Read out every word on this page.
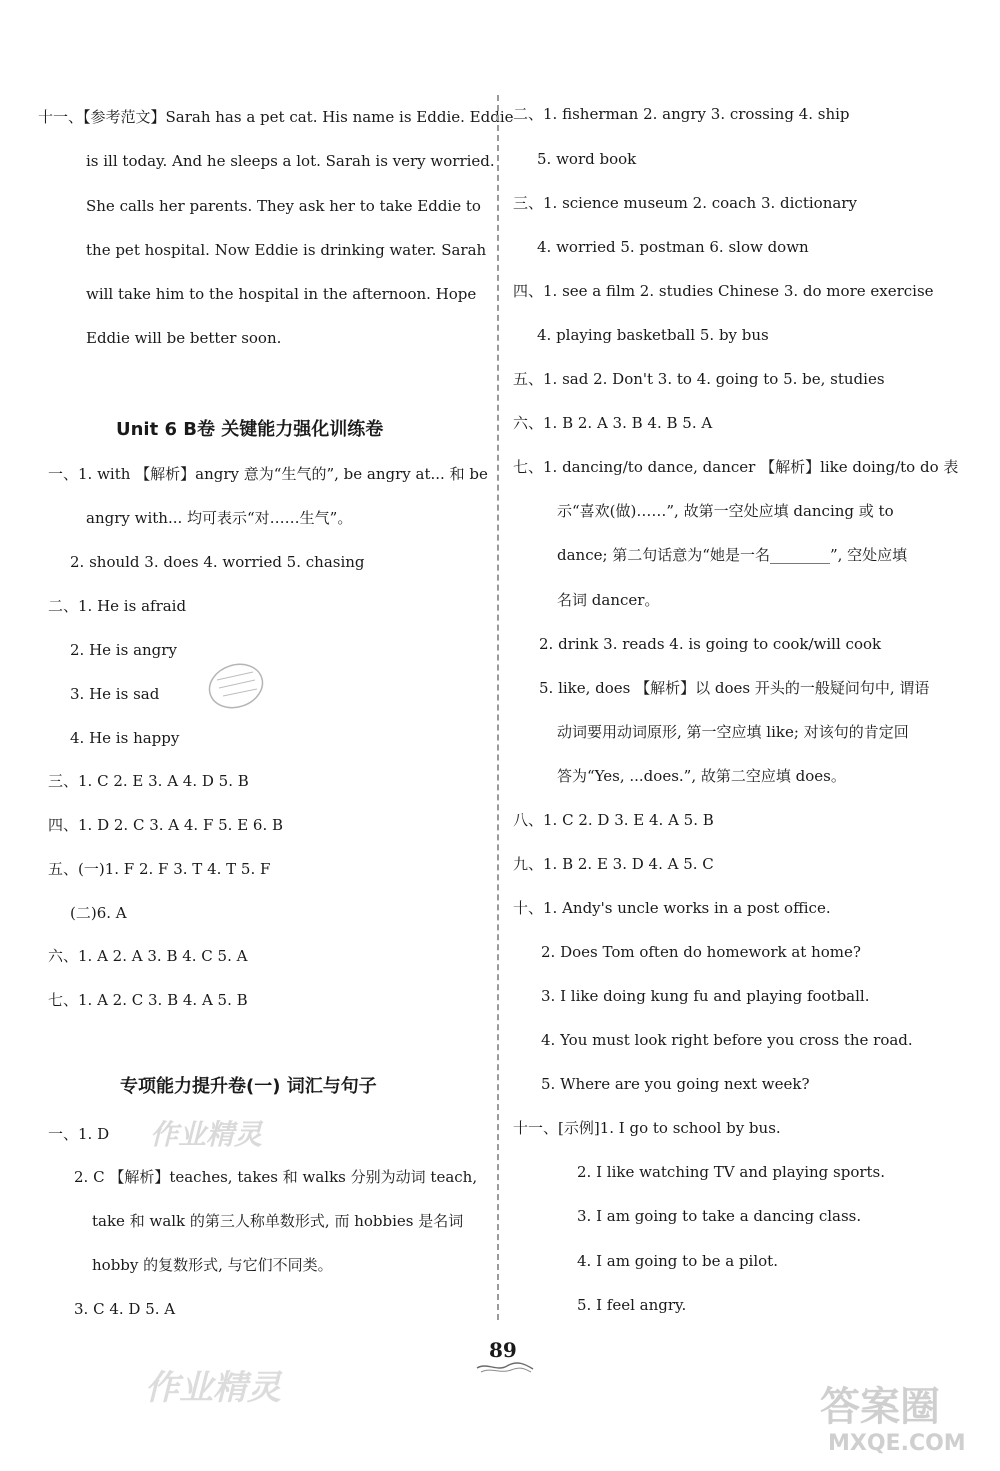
十一、【参考范文】Sarah has a pet cat. His name is Eddie. Eddie
is ill today. And he sleeps a lot. Sarah is very worried.
She calls her parents. They ask her to take Eddie to
the pet hospital. Now Eddie is drinking water. Sarah
will take him to the hospital in the afternoon. Hope
Eddie will be better soon.
一、1. with 【解析】angry 意为“生气的”, be angry at... 和 be
angry with... 均可表示“对……生气”。
2. should 3. does 4. worried 5. chasing
二、1. He is afraid
2. He is angry
3. He is sad
4. He is happy
三、1. C 2. E 3. A 4. D 5. B
四、1. D 2. C 3. A 4. F 5. E 6. B
五、(一)1. F 2. F 3. T 4. T 5. F
(二)6. A
六、1. A 2. A 3. B 4. C 5. A
七、1. A 2. C 3. B 4. A 5. B
一、1. D
2. C 【解析】teaches, takes 和 walks 分别为动词 teach,
take 和 walk 的第三人称单数形式, 而 hobbies 是名词
hobby 的复数形式, 与它们不同类。
3. C 4. D 5. A
Unit 6 B卷 关键能力强化训练卷
专项能力提升卷(一) 词汇与句子
二、1. fisherman 2. angry 3. crossing 4. ship
5. word book
三、1. science museum 2. coach 3. dictionary
4. worried 5. postman 6. slow down
四、1. see a film 2. studies Chinese 3. do more exercise
4. playing basketball 5. by bus
五、1. sad 2. Don't 3. to 4. going to 5. be, studies
六、1. B 2. A 3. B 4. B 5. A
七、1. dancing/to dance, dancer 【解析】like doing/to do 表
示“喜欢(做)……”, 故第一空处应填 dancing 或 to
dance; 第二句话意为“她是一名________”, 空处应填
名词 dancer。
2. drink 3. reads 4. is going to cook/will cook
5. like, does 【解析】以 does 开头的一般疑问句中, 谓语
动词要用动词原形, 第一空应填 like; 对该句的肯定回
答为“Yes, ...does.”, 故第二空应填 does。
八、1. C 2. D 3. E 4. A 5. B
九、1. B 2. E 3. D 4. A 5. C
十、1. Andy's uncle works in a post office.
2. Does Tom often do homework at home?
3. I like doing kung fu and playing football.
4. You must look right before you cross the road.
5. Where are you going next week?
十一、[示例]1. I go to school by bus.
2. I like watching TV and playing sports.
3. I am going to take a dancing class.
4. I am going to be a pilot.
5. I feel angry.
作业精灵
作业精灵
89
答案圈
MXQE.COM
